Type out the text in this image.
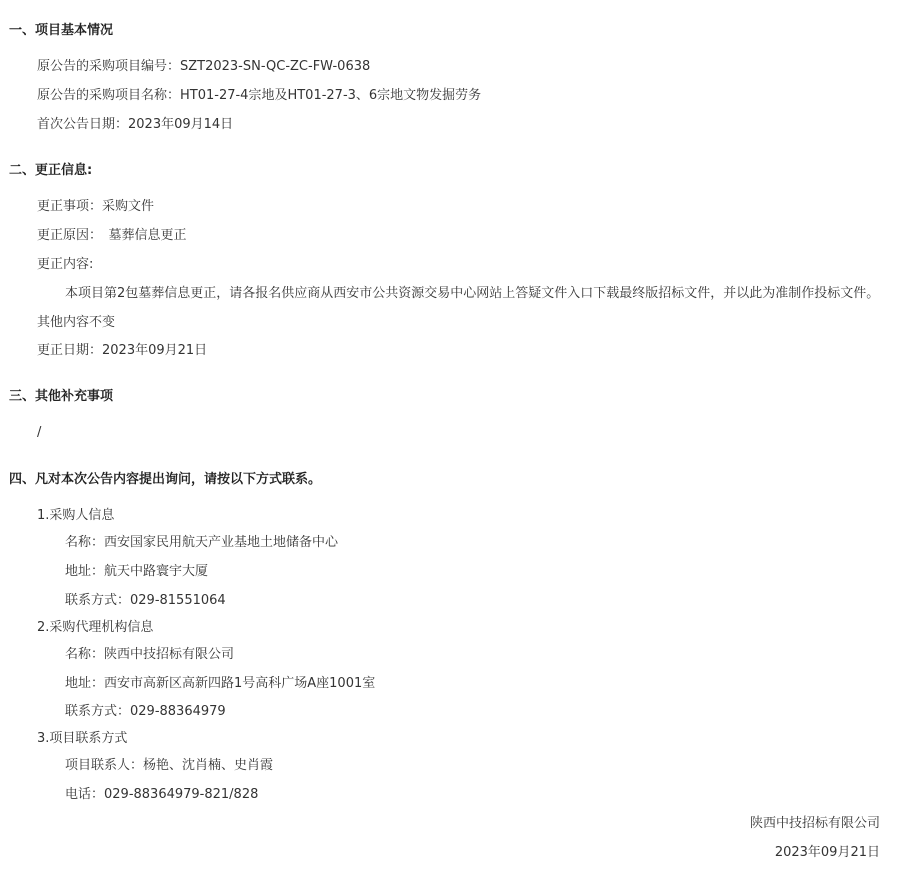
一、项目基本情况
原公告的采购项目编号：SZT2023-SN-QC-ZC-FW-0638
原公告的采购项目名称：HT01-27-4宗地及HT01-27-3、6宗地文物发掘劳务
首次公告日期：2023年09月14日
二、更正信息:
更正事项：采购文件
更正原因：　墓葬信息更正
更正内容:
本项目第2包墓葬信息更正，请各报名供应商从西安市公共资源交易中心网站上答疑文件入口下载最终版招标文件，并以此为准制作投标文件。
其他内容不变
更正日期：2023年09月21日
三、其他补充事项
/
四、凡对本次公告内容提出询问，请按以下方式联系。
1.采购人信息
名称：西安国家民用航天产业基地土地储备中心
地址：航天中路寰宇大厦
联系方式：029-81551064
2.采购代理机构信息
名称：陕西中技招标有限公司
地址：西安市高新区高新四路1号高科广场A座1001室
联系方式：029-88364979
3.项目联系方式
项目联系人：杨艳、沈肖楠、史肖霞
电话：029-88364979-821/828
陕西中技招标有限公司
2023年09月21日
